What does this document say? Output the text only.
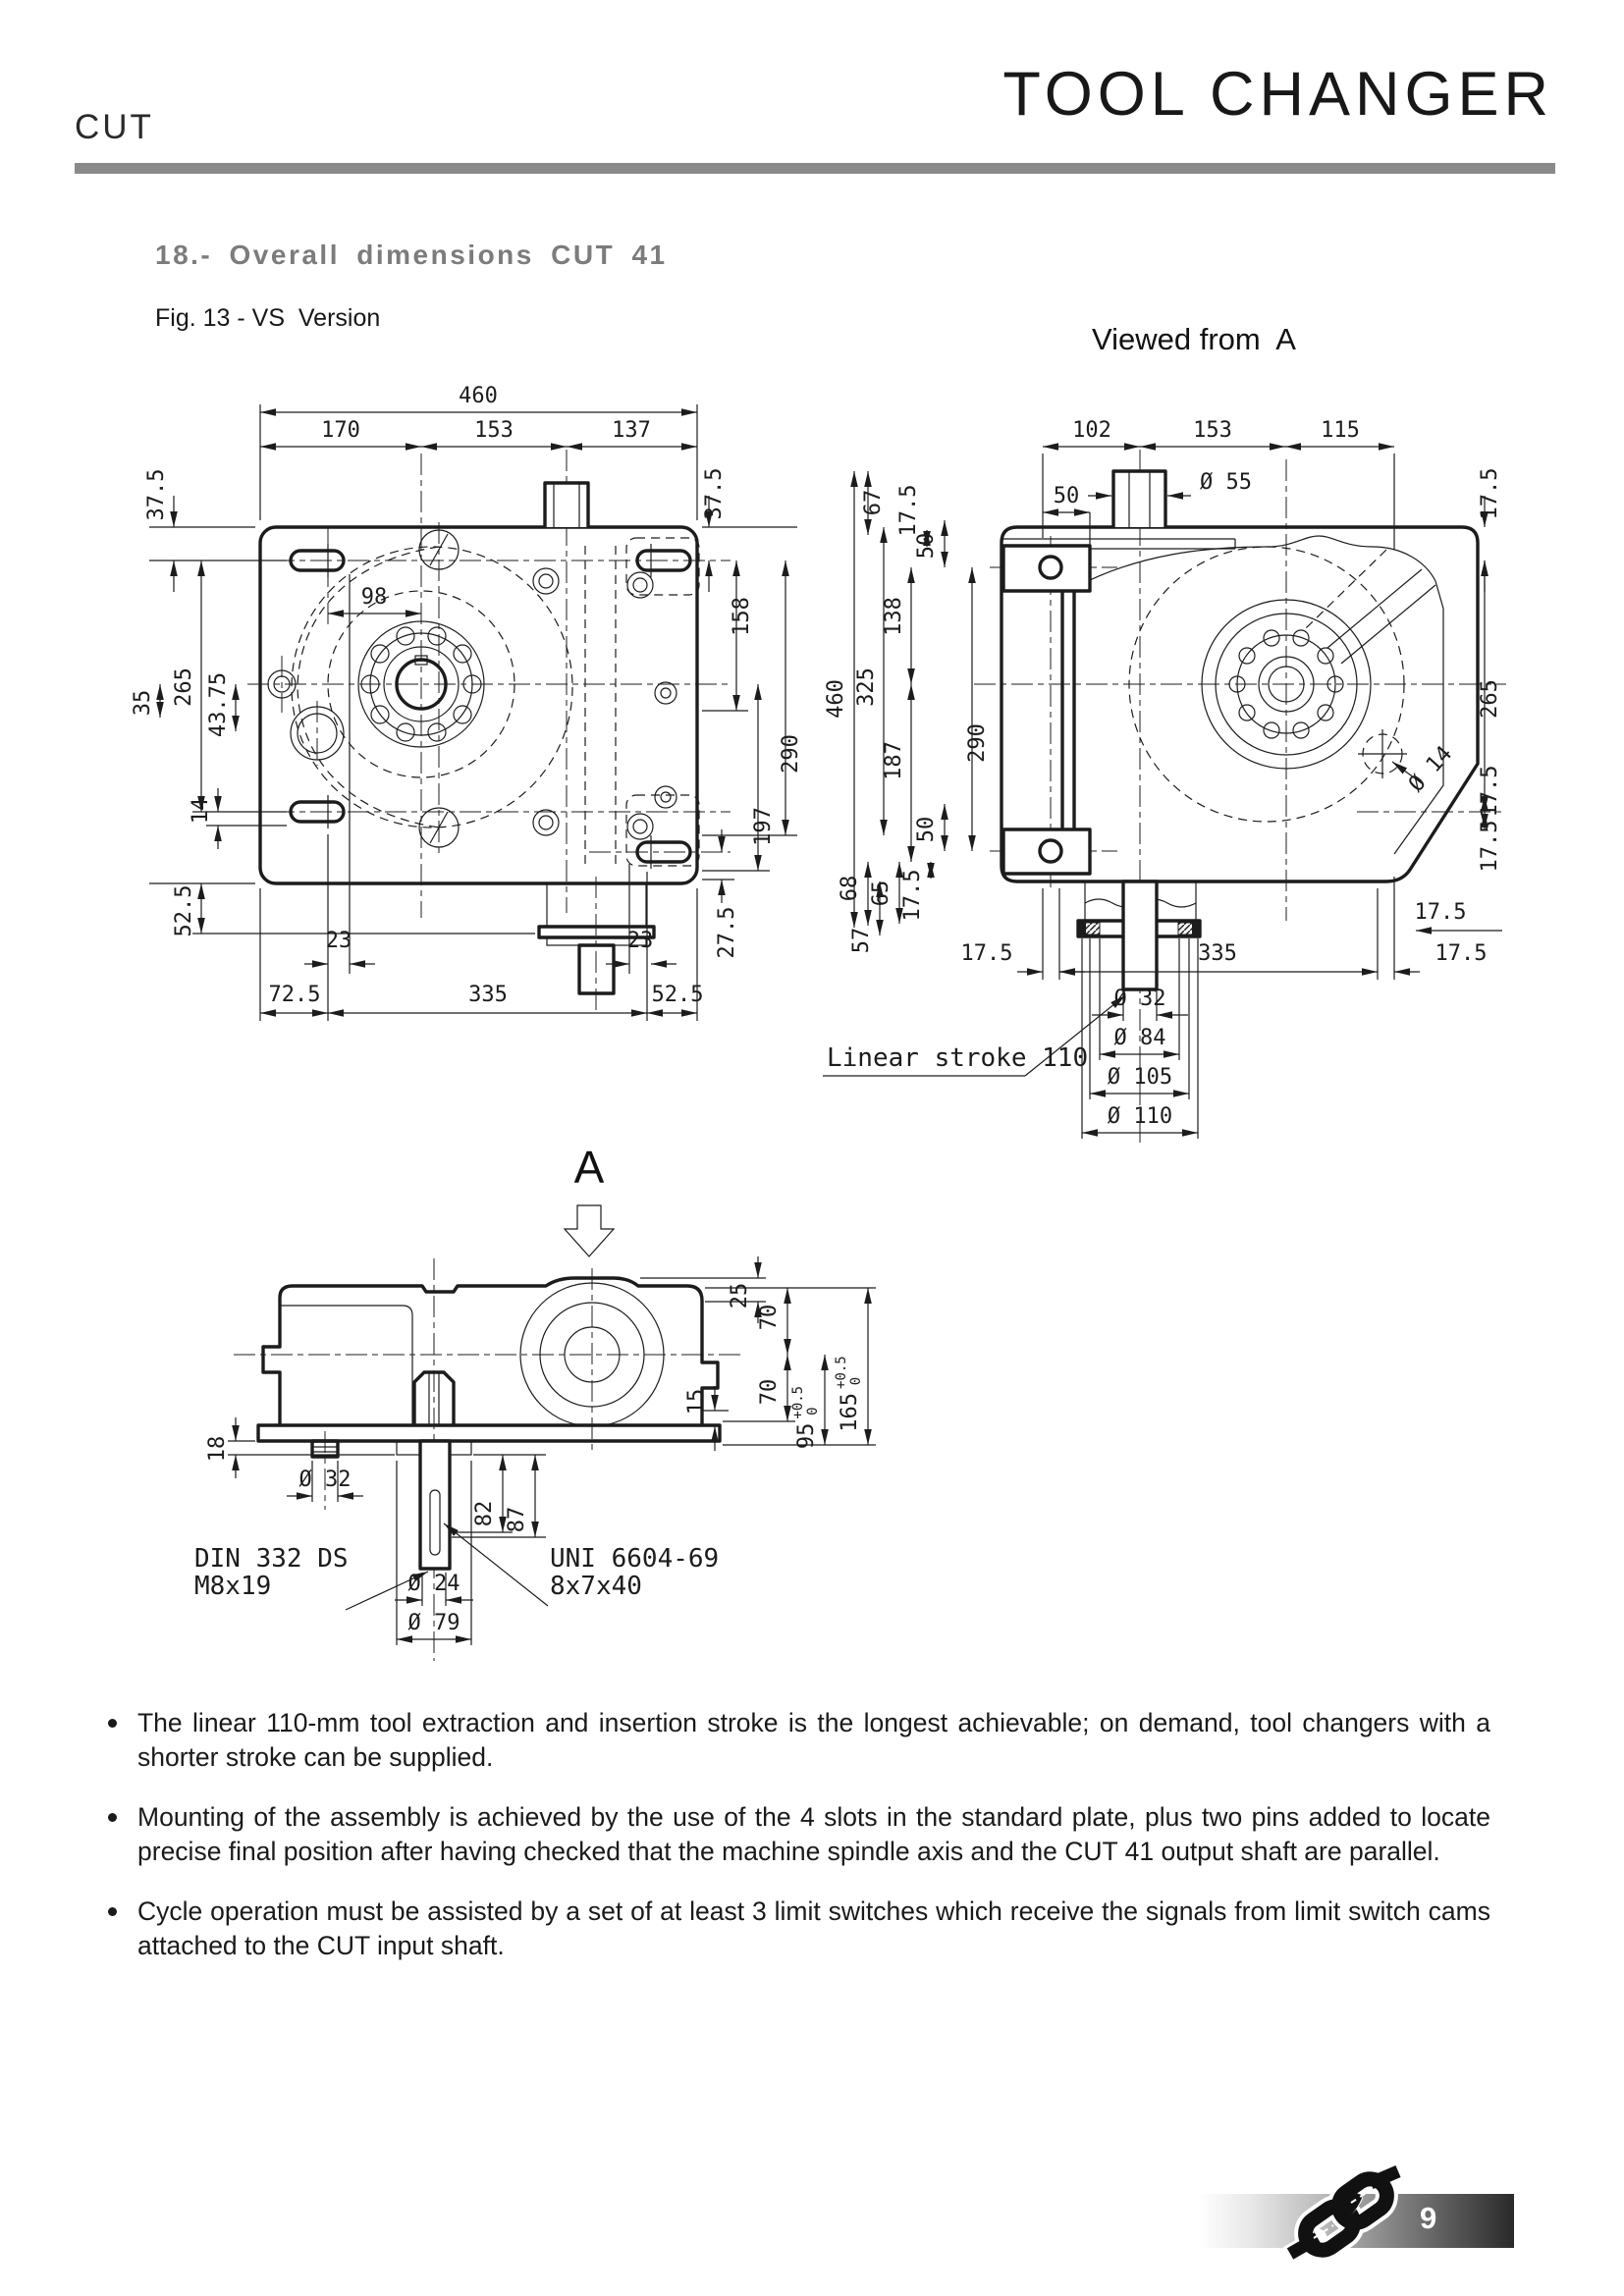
CUT	TOOL CHANGER
18.- Overall dimensions CUT 41
Fig. 13 - VS  Version
Viewed from  A
460
170	153	137
98
37.5
35 265 43.75
14
52.5
37.5
158
290
197
27.5
23	23
72.5	335	52.5
102	153	115
Ø 55
50
67 17.5
50
138
325
460
290
187
50
68 65 17.5
57
17.5	335	17.5
Ø 32
Ø 84
Ø 105
Ø 110
17.5
265
17.5
17.5
17.5
Ø 14
Linear stroke 110
A
18
Ø 32
82 87
Ø 24
Ø 79
DIN 332 DS
M8x19
UNI 6604-69
8x7x40
25
70
70
$95^{+0.5}0$ $165^{+0.5}0$
15
The linear 110-mm tool extraction and insertion stroke is the longest achievable; on demand, tool changers with a shorter stroke can be supplied.
Mounting of the assembly is achieved by the use of the 4 slots in the standard plate, plus two pins added to locate precise final position after having checked that the machine spindle axis and the CUT 41 output shaft are parallel.
Cycle operation must be assisted by a set of at least 3 limit switches which receive the signals from limit switch cams attached to the CUT input shaft.
9
